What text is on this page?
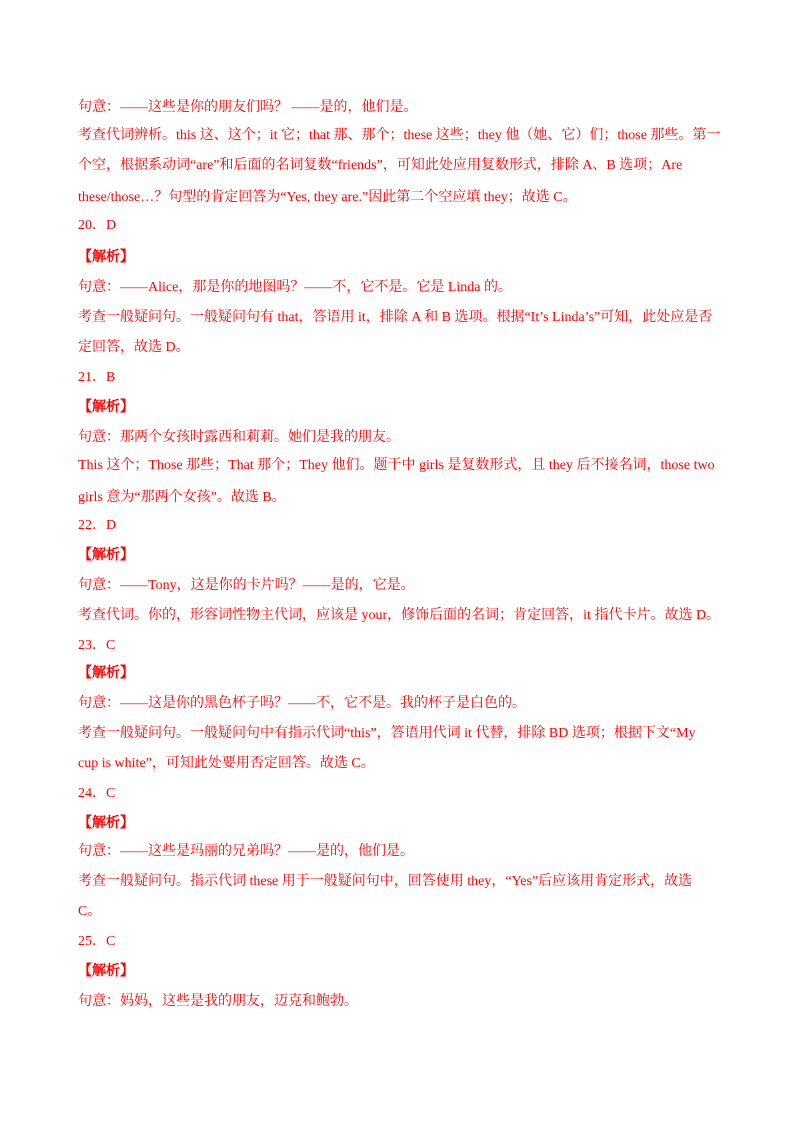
句意：——这些是你的朋友们吗？ ——是的，他们是。
考查代词辨析。this 这、这个；it 它；that 那、那个；these 这些；they 他（她、它）们；those 那些。第一
个空，根据系动词“are”和后面的名词复数“friends”，可知此处应用复数形式，排除 A、B 选项；Are
these/those…？句型的肯定回答为“Yes, they are.”因此第二个空应填 they；故选 C。
20．D
【解析】
句意：——Alice，那是你的地图吗？——不，它不是。它是 Linda 的。
考查一般疑问句。一般疑问句有 that，答语用 it，排除 A 和 B 选项。根据“It’s Linda’s”可知，此处应是否
定回答，故选 D。
21．B
【解析】
句意：那两个女孩时露西和莉莉。她们是我的朋友。
This 这个；Those 那些；That 那个；They 他们。题干中 girls 是复数形式，且 they 后不接名词，those two
girls 意为“那两个女孩”。故选 B。
22．D
【解析】
句意：——Tony，这是你的卡片吗？——是的，它是。
考查代词。你的，形容词性物主代词，应该是 your，修饰后面的名词；肯定回答，it 指代卡片。故选 D。
23．C
【解析】
句意：——这是你的黑色杯子吗？——不，它不是。我的杯子是白色的。
考查一般疑问句。一般疑问句中有指示代词“this”，答语用代词 it 代替，排除 BD 选项；根据下文“My
cup is white”，可知此处要用否定回答。故选 C。
24．C
【解析】
句意：——这些是玛丽的兄弟吗？——是的，他们是。
考查一般疑问句。指示代词 these 用于一般疑问句中，回答使用 they，“Yes”后应该用肯定形式，故选
C。
25．C
【解析】
句意：妈妈，这些是我的朋友，迈克和鲍勃。
